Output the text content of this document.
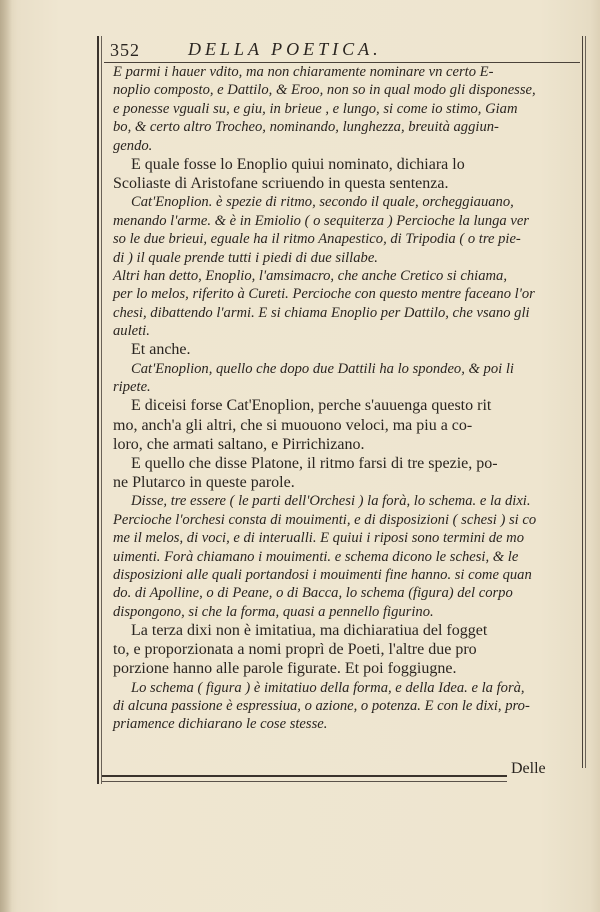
352	DELLA POETICA.
E parmi i hauer vdito, ma non chiaramente nominare vn certo E-
noplio composto, e Dattilo, & Eroo, non so in qual modo gli disponesse,
e ponesse vguali su, e giu, in brieue , e lungo, si come io stimo, Giam
bo, & certo altro Trocheo, nominando, lunghezza, breuità aggiun-
gendo.
E quale fosse lo Enoplio quiui nominato, dichiara lo
Scoliaste di Aristofane scriuendo in questa sentenza.
Cat'Enoplion. è spezie di ritmo, secondo il quale, orcheggiauano,
menando l'arme. & è in Emiolio ( o sequiterza ) Percioche la lunga ver
so le due brieui, eguale ha il ritmo Anapestico, di Tripodia ( o tre pie-
di ) il quale prende tutti i piedi di due sillabe.
Altri han detto, Enoplio, l'amsimacro, che anche Cretico si chiama,
per lo melos, riferito à Cureti. Percioche con questo mentre faceano l'or
chesi, dibattendo l'armi. E si chiama Enoplio per Dattilo, che vsano gli
auleti.
Et anche.
Cat'Enoplion, quello che dopo due Dattili ha lo spondeo, & poi li
ripete.
E diceisi forse Cat'Enoplion, perche s'auuenga questo rit
mo, anch'a gli altri, che si muouono veloci, ma piu a co-
loro, che armati saltano, e Pirrichizano.
E quello che disse Platone, il ritmo farsi di tre spezie, po-
ne Plutarco in queste parole.
Disse, tre essere ( le parti dell'Orchesi ) la forà, lo schema. e la dixi.
Percioche l'orchesi consta di mouimenti, e di disposizioni ( schesi ) si co
me il melos, di voci, e di interualli. E quiui i riposi sono termini de mo
uimenti. Forà chiamano i mouimenti. e schema dicono le schesi, & le
disposizioni alle quali portandosi i mouimenti fine hanno. si come quan
do. di Apolline, o di Peane, o di Bacca, lo schema (figura) del corpo
dispongono, si che la forma, quasi a pennello figurino.
La terza dixi non è imitatiua, ma dichiaratiua del fogget
to, e proporzionata a nomi proprì de Poeti, l'altre due pro
porzione hanno alle parole figurate. Et poi foggiugne.
Lo schema ( figura ) è imitatiuo della forma, e della Idea. e la forà,
di alcuna passione è espressiua, o azione, o potenza. E con le dixi, pro-
priamence dichiarano le cose stesse.
Delle
